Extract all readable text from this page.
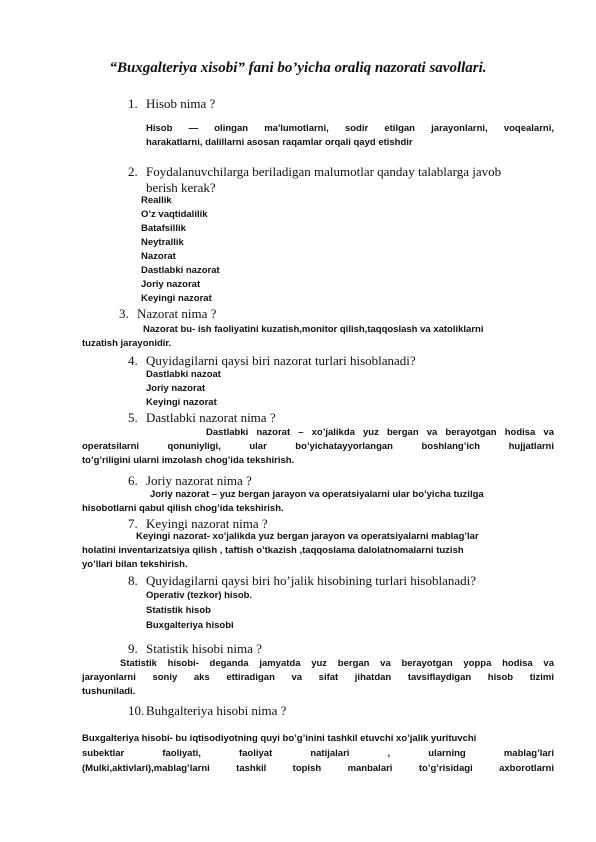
“Buxgalteriya xisobi” fani bo’yicha oraliq nazorati savollari.
1. Hisob nima ?
Hisob — olingan ma'lumotlarni, sodir etilgan jarayonlarni, voqealarni,
harakatlarni, dalillarni asosan raqamlar orqali qayd etishdir
2. Foydalanuvchilarga beriladigan malumotlar qanday talablarga javob
berish kerak?
Reallik
O’z vaqtidalilik
Batafsillik
Neytrallik
Nazorat
Dastlabki nazorat
Joriy nazorat
Keyingi nazorat
3. Nazorat nima ?
Nazorat bu- ish faoliyatini kuzatish,monitor qilish,taqqoslash va xatoliklarni
tuzatish jarayonidir.
4. Quyidagilarni qaysi biri nazorat turlari hisoblanadi?
Dastlabki nazoat
Joriy nazorat
Keyingi nazorat
5. Dastlabki nazorat nima ?
Dastlabki nazorat – xo’jalikda yuz bergan va berayotgan hodisa va
operatsilarni qonuniyligi, ular bo’yichatayyorlangan boshlang’ich hujjatlarni
to’g’riligini ularni imzolash chog’ida tekshirish.
6. Joriy nazorat nima ?
Joriy nazorat – yuz bergan jarayon va operatsiyalarni ular bo’yicha tuzilga
hisobotlarni qabul qilish chog’ida tekshirish.
7. Keyingi nazorat nima ?
Keyingi nazorat- xo’jalikda yuz bergan jarayon va operatsiyalarni mablag’lar
holatini inventarizatsiya qilish , taftish o’tkazish ,taqqoslama dalolatnomalarni tuzish
yo’llari bilan tekshirish.
8. Quyidagilarni qaysi biri ho’jalik hisobining turlari hisoblanadi?
Operativ (tezkor) hisob.
Statistik hisob
Buxgalteriya hisobi
9. Statistik hisobi nima ?
Statistik hisobi- deganda jamyatda yuz bergan va berayotgan yoppa hodisa va
jarayonlarni soniy aks ettiradigan va sifat jihatdan tavsiflaydigan hisob tizimi
tushuniladi.
10. Buhgalteriya hisobi nima ?
Buxgalteriya hisobi- bu iqtisodiyotning quyi bo’g’inini tashkil etuvchi xo’jalik yurituvchi
subektlar faoliyati, faoliyat natijalari , ularning mablag’lari
(Mulki,aktivlari),mablag’larni tashkil topish manbalari to’g’risidagi axborotlarni
